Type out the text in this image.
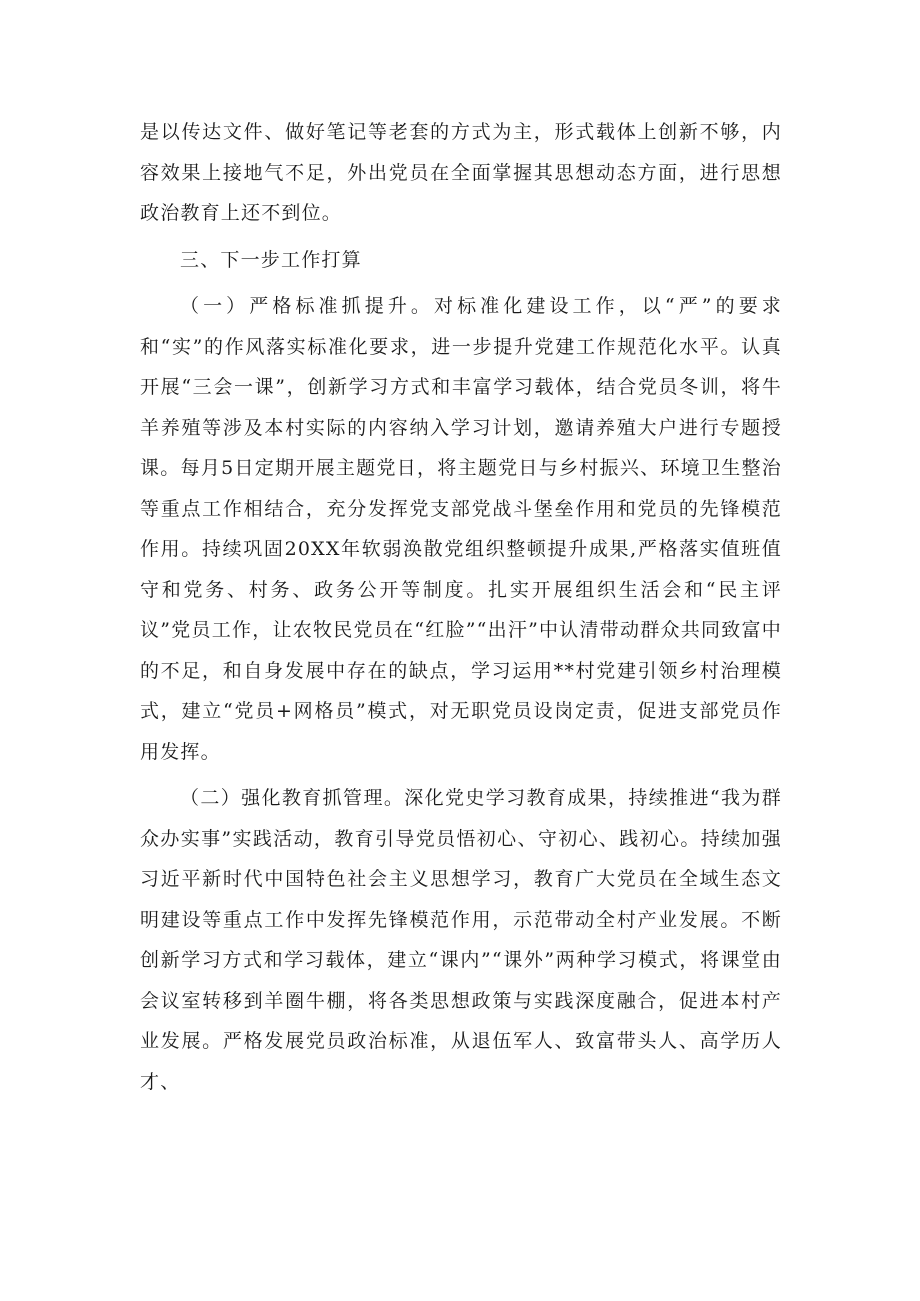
是以传达文件、做好笔记等老套的方式为主，形式载体上创新不够，内容效果上接地气不足，外出党员在全面掌握其思想动态方面，进行思想政治教育上还不到位。

三、下一步工作打算

（一）严格标准抓提升。对标准化建设工作，以“严”的要求和“实”的作风落实标准化要求，进一步提升党建工作规范化水平。认真开展“三会一课”，创新学习方式和丰富学习载体，结合党员冬训，将牛羊养殖等涉及本村实际的内容纳入学习计划，邀请养殖大户进行专题授课。每月5日定期开展主题党日，将主题党日与乡村振兴、环境卫生整治等重点工作相结合，充分发挥党支部党战斗堡垒作用和党员的先锋模范作用。持续巩固20XX年软弱涣散党组织整顿提升成果,严格落实值班值守和党务、村务、政务公开等制度。扎实开展组织生活会和“民主评议”党员工作，让农牧民党员在“红脸”“出汗”中认清带动群众共同致富中的不足，和自身发展中存在的缺点，学习运用**村党建引领乡村治理模式，建立“党员+网格员”模式，对无职党员设岗定责，促进支部党员作用发挥。

（二）强化教育抓管理。深化党史学习教育成果，持续推进“我为群众办实事”实践活动，教育引导党员悟初心、守初心、践初心。持续加强习近平新时代中国特色社会主义思想学习，教育广大党员在全域生态文明建设等重点工作中发挥先锋模范作用，示范带动全村产业发展。不断创新学习方式和学习载体，建立“课内”“课外”两种学习模式，将课堂由会议室转移到羊圈牛棚，将各类思想政策与实践深度融合，促进本村产业发展。严格发展党员政治标准，从退伍军人、致富带头人、高学历人才、
